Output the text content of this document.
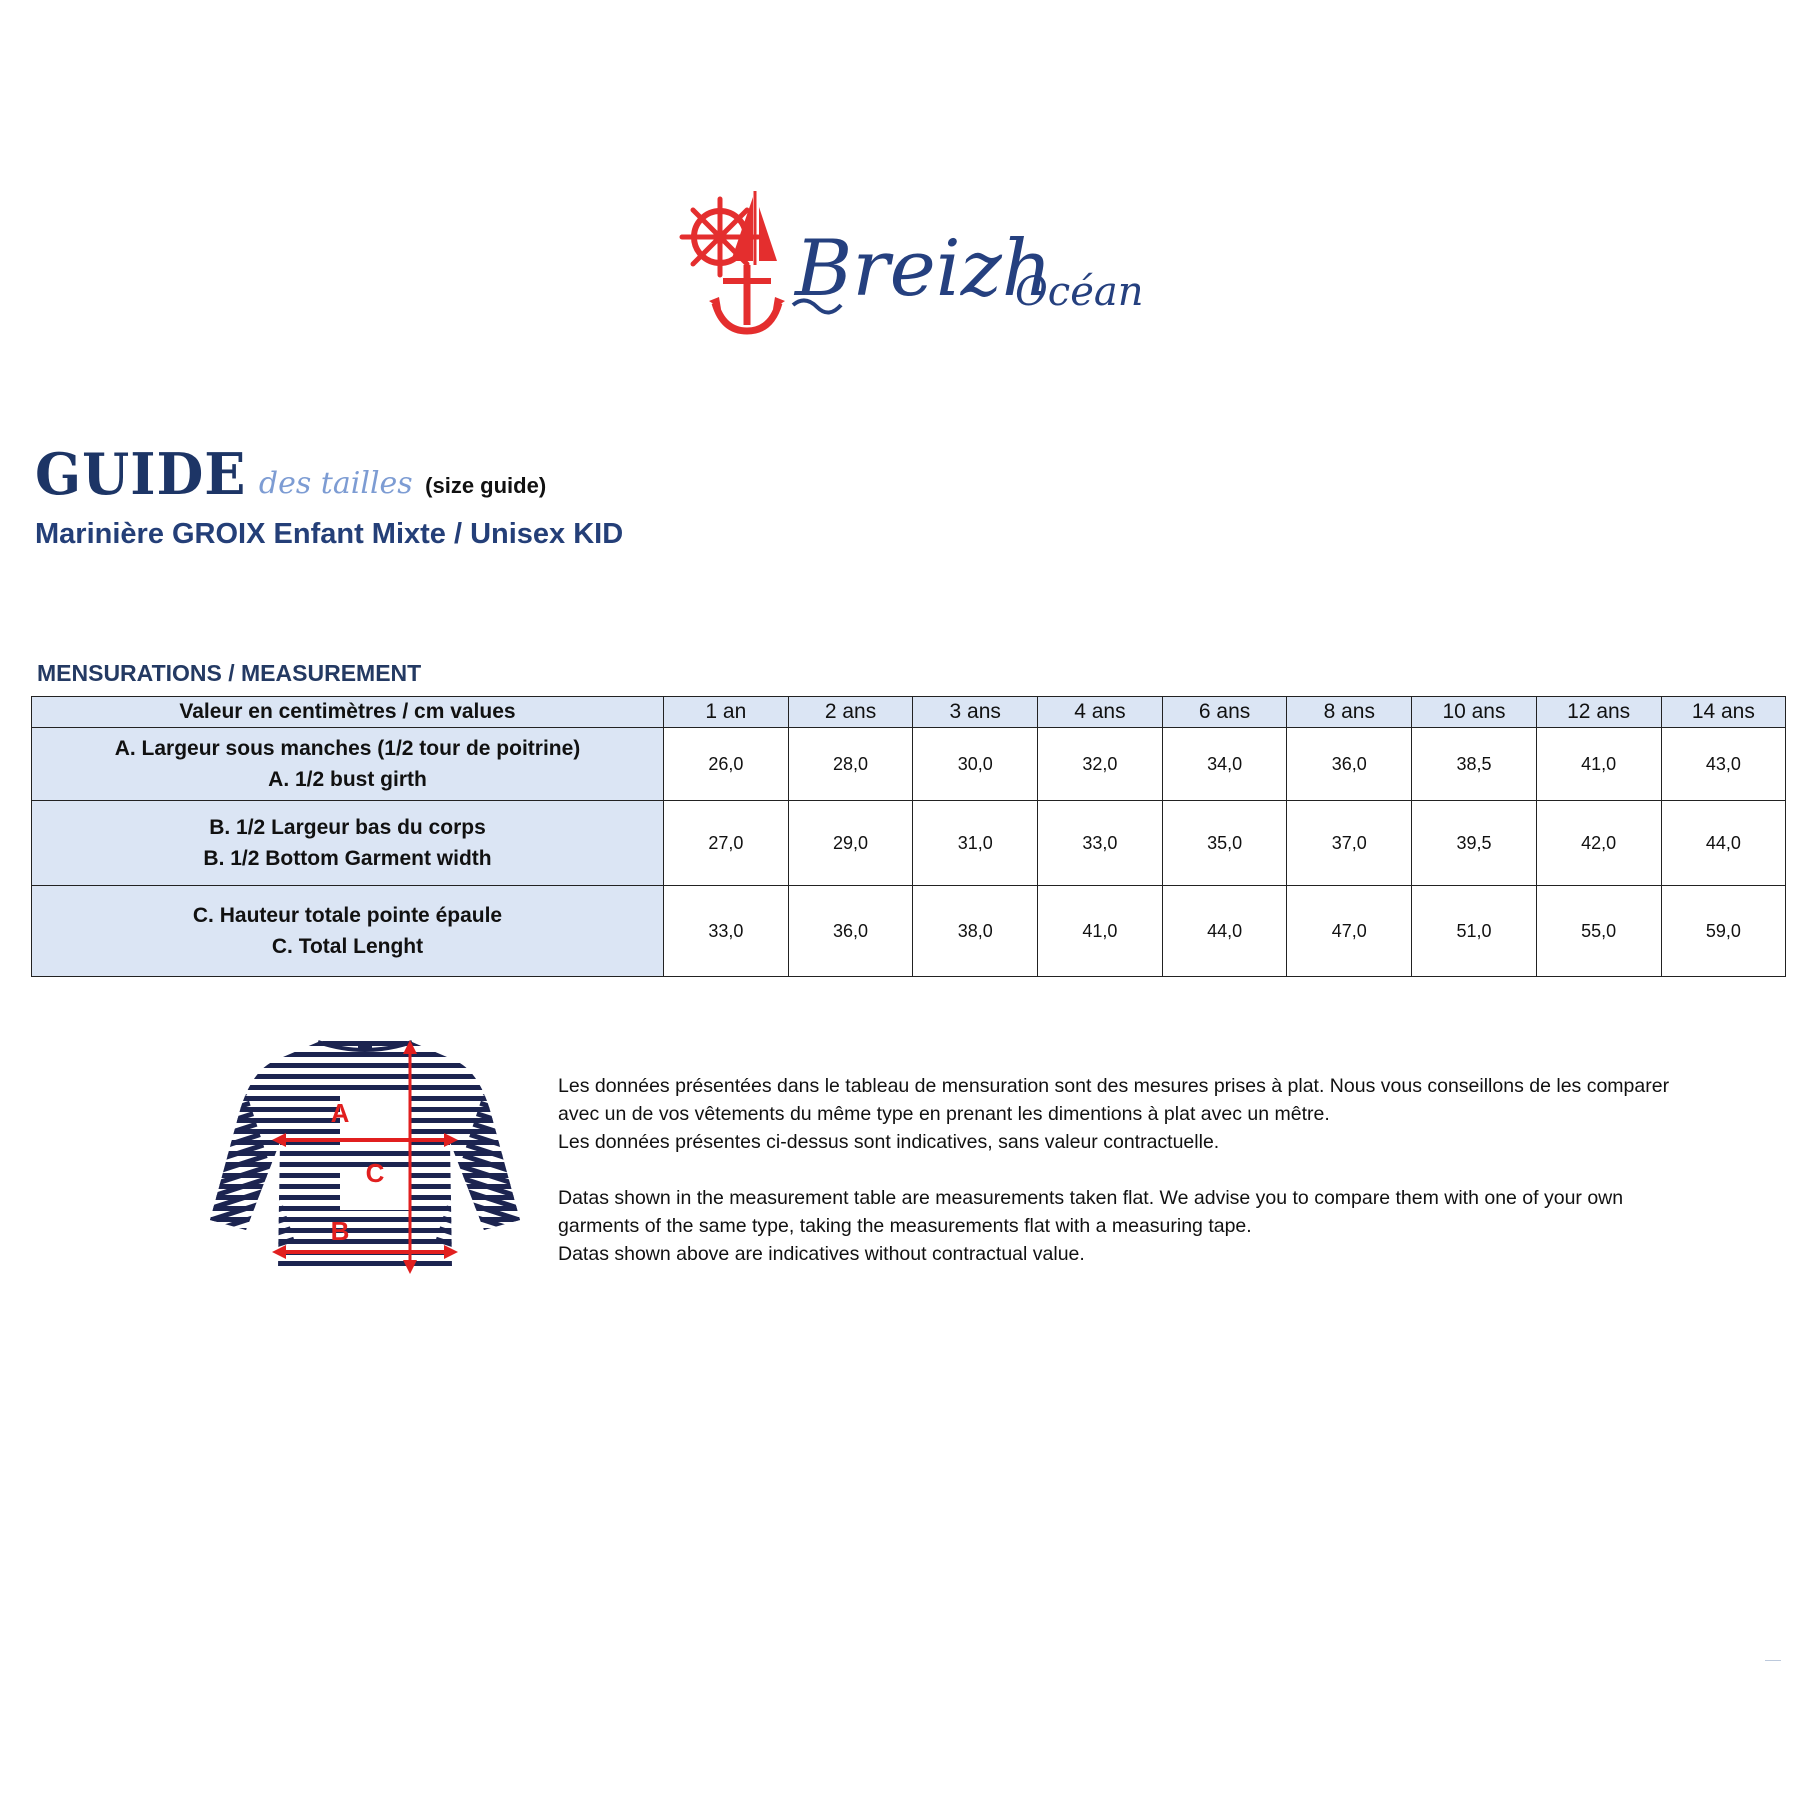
Breizh
Océan
GUIDE des tailles (size guide)
Marinière GROIX Enfant Mixte / Unisex KID
MENSURATIONS / MEASUREMENT
Valeur en centimètres / cm values	1 an	2 ans	3 ans	4 ans	6 ans	8 ans	10 ans	12 ans	14 ans

A. Largeur sous manches (1/2 tour de poitrine)
A. 1/2 bust girth	26,0	28,0	30,0	32,0	34,0	36,0	38,5	41,0	43,0

B. 1/2 Largeur bas du corps
B. 1/2 Bottom Garment width	27,0	29,0	31,0	33,0	35,0	37,0	39,5	42,0	44,0

C. Hauteur totale pointe épaule
C. Total Lenght	33,0	36,0	38,0	41,0	44,0	47,0	51,0	55,0	59,0
A
C
B

Les données présentées dans le tableau de mensuration sont des mesures prises à plat. Nous vous conseillons de les comparer avec un de vos vêtements du même type en prenant les dimentions à plat avec un mêtre.

Les données présentes ci-dessus sont indicatives, sans valeur contractuelle.

Datas shown in the measurement table are measurements taken flat. We advise you to compare them with one of your own garments of the same type, taking the measurements flat with a measuring tape.

Datas shown above are indicatives without contractual value.
